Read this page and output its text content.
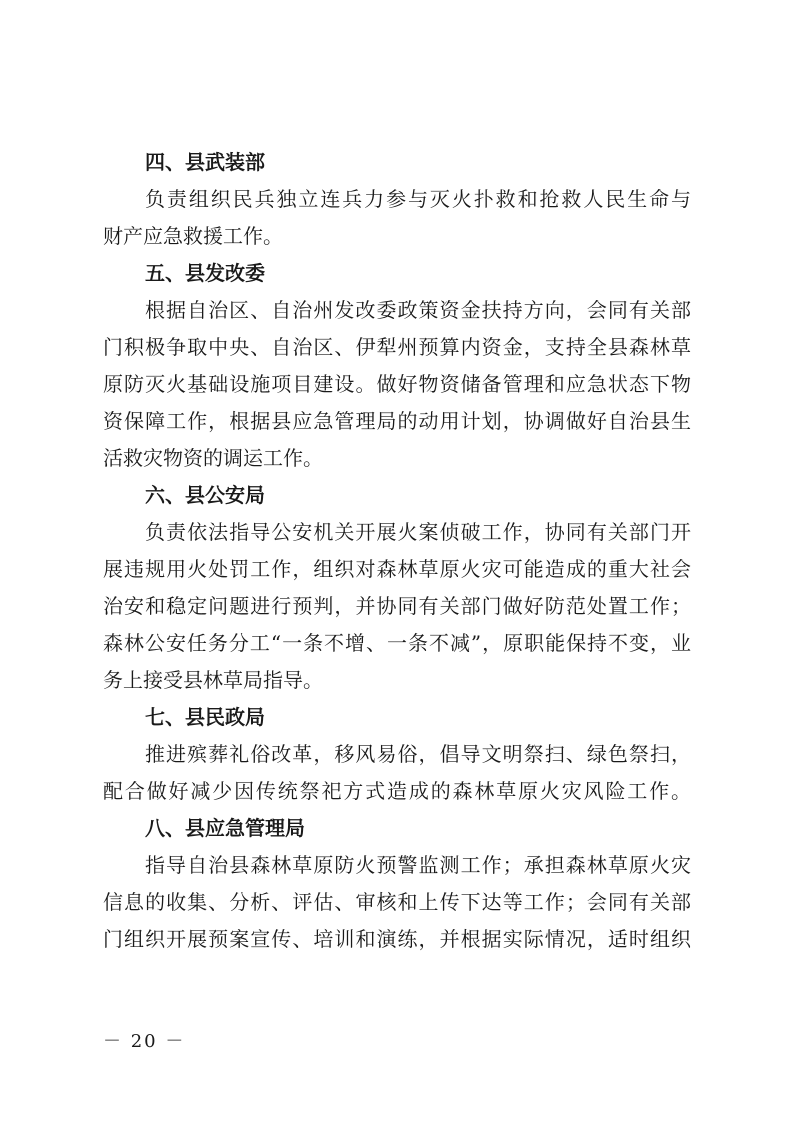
四、县武装部
负责组织民兵独立连兵力参与灭火扑救和抢救人民生命与
财产应急救援工作。
五、县发改委
根据自治区、自治州发改委政策资金扶持方向，会同有关部
门积极争取中央、自治区、伊犁州预算内资金，支持全县森林草
原防灭火基础设施项目建设。做好物资储备管理和应急状态下物
资保障工作，根据县应急管理局的动用计划，协调做好自治县生
活救灾物资的调运工作。
六、县公安局
负责依法指导公安机关开展火案侦破工作，协同有关部门开
展违规用火处罚工作，组织对森林草原火灾可能造成的重大社会
治安和稳定问题进行预判，并协同有关部门做好防范处置工作；
森林公安任务分工“一条不增、一条不减”，原职能保持不变，业
务上接受县林草局指导。
七、县民政局
推进殡葬礼俗改革，移风易俗，倡导文明祭扫、绿色祭扫，
配合做好减少因传统祭祀方式造成的森林草原火灾风险工作。
八、县应急管理局
指导自治县森林草原防火预警监测工作；承担森林草原火灾
信息的收集、分析、评估、审核和上传下达等工作；会同有关部
门组织开展预案宣传、培训和演练，并根据实际情况，适时组织
－ 20 －
